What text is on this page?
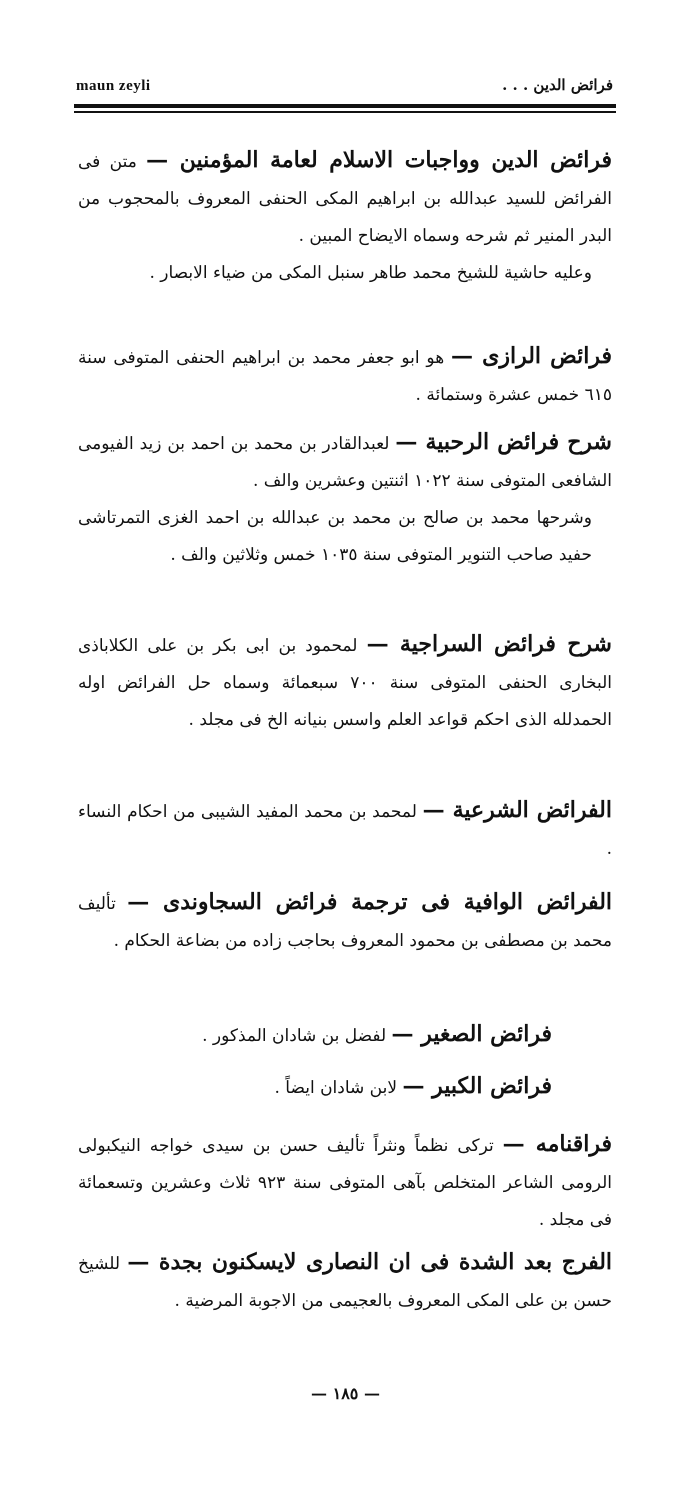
maun zeyli	فرائض الدين . . .

فرائض الدين وواجبات الاسلام لعامة المؤمنين — متن فى الفرائض للسيد عبدالله بن ابراهيم المكى الحنفى المعروف بالمحجوب من البدر المنير ثم شرحه وسماه الايضاح المبين .

وعليه حاشية للشيخ محمد طاهر سنبل المكى من ضياء الابصار .

فرائض الرازى — هو ابو جعفر محمد بن ابراهيم الحنفى المتوفى سنة ٦١٥ خمس عشرة وستمائة .

شرح فرائض الرحبية — لعبدالقادر بن محمد بن احمد بن زيد الفيومى الشافعى المتوفى سنة ١٠٢٢ اثنتين وعشرين والف .

وشرحها محمد بن صالح بن محمد بن عبدالله بن احمد الغزى التمرتاشى حفيد صاحب التنوير المتوفى سنة ١٠٣٥ خمس وثلاثين والف .

شرح فرائض السراجية — لمحمود بن ابى بكر بن على الكلاباذى البخارى الحنفى المتوفى سنة ٧٠٠ سبعمائة وسماه حل الفرائض اوله الحمدلله الذى احكم قواعد العلم واسس بنيانه الخ فى مجلد .

الفرائض الشرعية — لمحمد بن محمد المفيد الشيبى من احكام النساء .

الفرائض الوافية فى ترجمة فرائض السجاوندى — تأليف محمد بن مصطفى بن محمود المعروف بحاجب زاده من بضاعة الحكام .

فرائض الصغير — لفضل بن شادان المذكور .

فرائض الكبير — لابن شادان ايضاً .

فراقنامه — تركى نظماً ونثراً تأليف حسن بن سيدى خواجه النيكبولى الرومى الشاعر المتخلص بآهى المتوفى سنة ٩٢٣ ثلاث وعشرين وتسعمائة فى مجلد .

الفرج بعد الشدة فى ان النصارى لايسكنون بجدة — للشيخ حسن بن على المكى المعروف بالعجيمى من الاجوبة المرضية .

— ١٨٥ —
